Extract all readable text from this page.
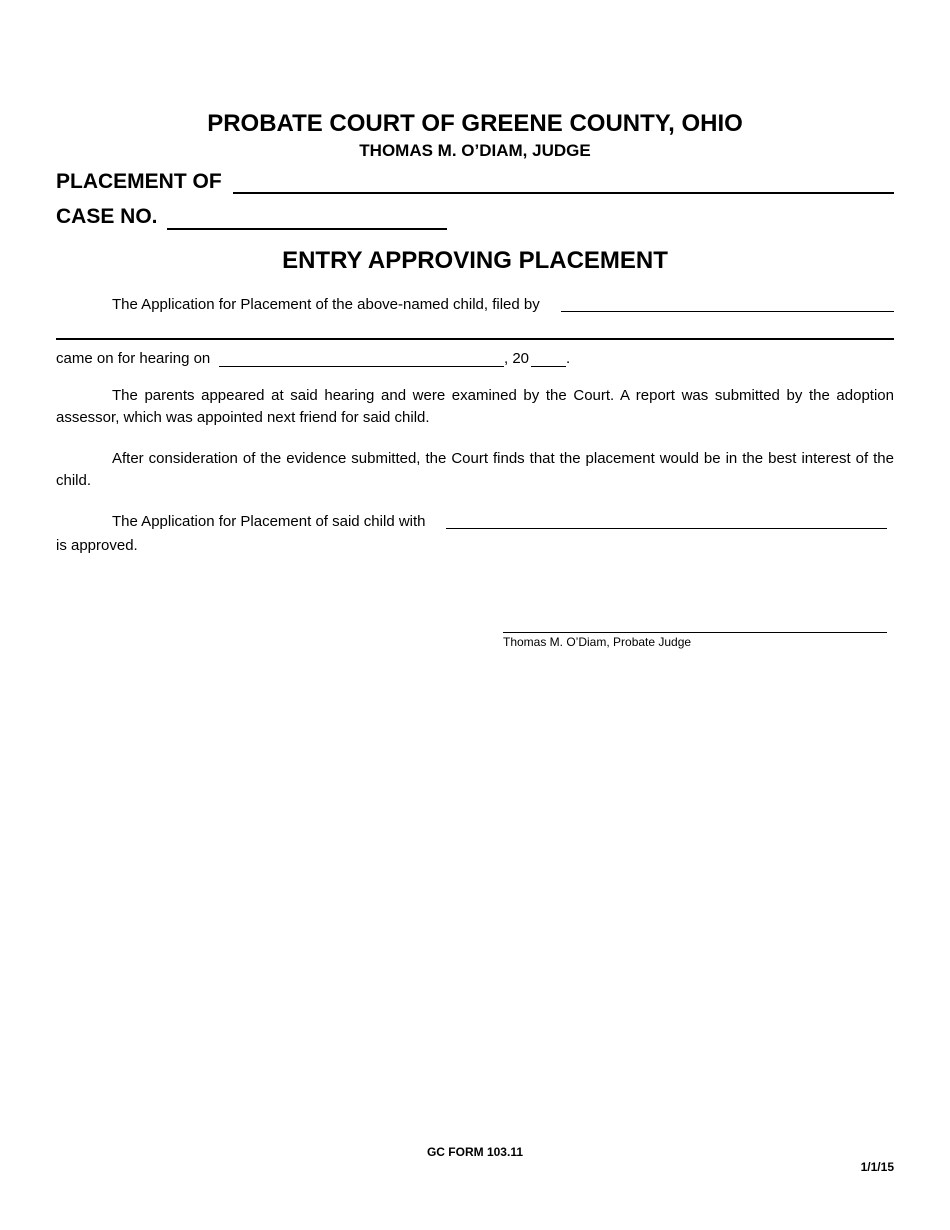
PROBATE COURT OF GREENE COUNTY, OHIO
THOMAS M. O’DIAM, JUDGE
PLACEMENT OF
CASE NO.
ENTRY APPROVING PLACEMENT
The Application for Placement of the above-named child, filed by
came on for hearing on	, 20 .
The parents appeared at said hearing and were examined by the Court. A report was submitted by the adoption assessor, which was appointed next friend for said child.
After consideration of the evidence submitted, the Court finds that the placement would be in the best interest of the child.
The Application for Placement of said child with
is approved.
Thomas M. O’Diam, Probate Judge
GC FORM 103.11
1/1/15
